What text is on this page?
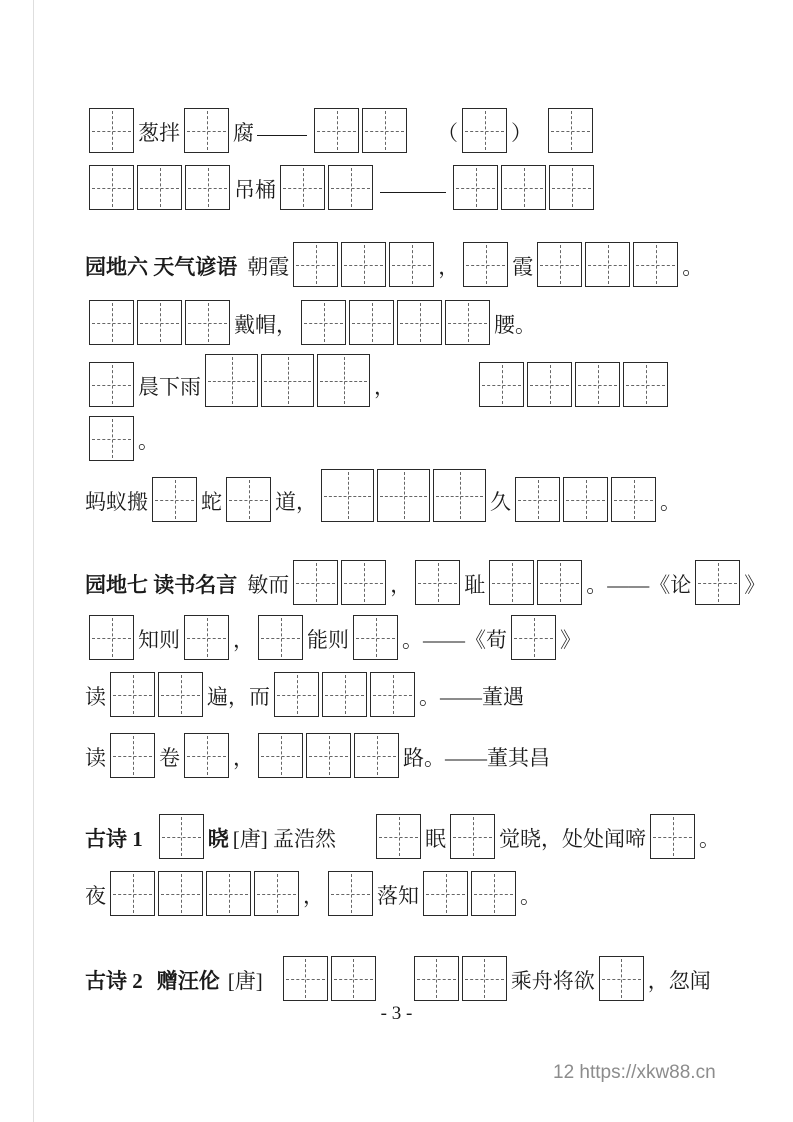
葱拌	腐	（	）
吊桶
园地六 天气谚语 朝霞	，	霞	。
戴帽，	腰。
晨下雨	，
。
蚂蚁搬	蛇	道，	久	。
园地七 读书名言 敏而	，	耻	。——《论	》
知则	，	能则	。——《荀	》
读	遍，而	。——董遇
读	卷	，	路。——董其昌
古诗 1	晓 [唐] 孟浩然	眠	觉晓，处处闻啼	。
夜	，	落知	。
古诗 2 赠汪伦 [唐]	乘舟将欲	，忽闻
- 3 -
12 https://xkw88.cn
